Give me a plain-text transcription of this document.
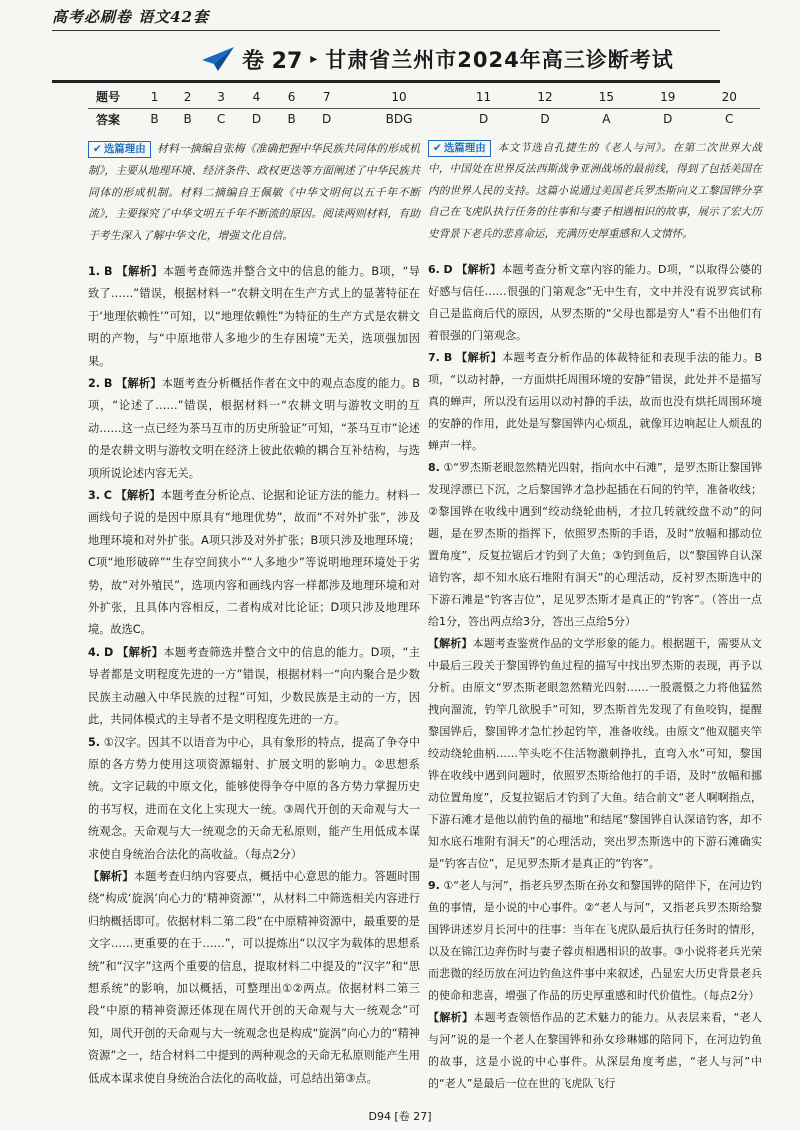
高考必刷卷 语文42套
卷 27 ▸ 甘肃省兰州市2024年高三诊断考试
题号	1	2	3	4	6	7	10	11	12	15	19	20
答案	B	B	C	D	B	D	BDG	D	D	A	D	C
✔ 选篇理由 材料一摘编自张梅《准确把握中华民族共同体的形成机制》，主要从地理环境、经济条件、政权更迭等方面阐述了中华民族共同体的形成机制。材料二摘编自王佩敏《中华文明何以五千年不断流》，主要探究了中华文明五千年不断流的原因。阅读两则材料，有助于考生深入了解中华文化，增强文化自信。
1. B 【解析】本题考查筛选并整合文中的信息的能力。B项，“导致了……”错误，根据材料一“农耕文明在生产方式上的显著特征在于‘地理依赖性’”可知，以“地理依赖性”为特征的生产方式是农耕文明的产物，与“中原地带人多地少的生存困境”无关，选项强加因果。
2. B 【解析】本题考查分析概括作者在文中的观点态度的能力。B项，“论述了……”错误，根据材料一“农耕文明与游牧文明的互动……这一点已经为茶马互市的历史所验证”可知，“茶马互市”论述的是农耕文明与游牧文明在经济上彼此依赖的耦合互补结构，与选项所说论述内容无关。
3. C 【解析】本题考查分析论点、论据和论证方法的能力。材料一画线句子说的是因中原具有“地理优势”，故而“不对外扩张”，涉及地理环境和对外扩张。A项只涉及对外扩张；B项只涉及地理环境；C项“地形破碎”“生存空间狭小”“人多地少”等说明地理环境处于劣势，故“对外殖民”，选项内容和画线内容一样都涉及地理环境和对外扩张，且具体内容相反，二者构成对比论证；D项只涉及地理环境。故选C。
4. D 【解析】本题考查筛选并整合文中的信息的能力。D项，“主导者都是文明程度先进的一方”错误，根据材料一“向内聚合是少数民族主动融入中华民族的过程”可知，少数民族是主动的一方，因此，共同体模式的主导者不是文明程度先进的一方。
5. ①汉字。因其不以语音为中心，具有象形的特点，提高了争夺中原的各方势力使用这项资源辐射、扩展文明的影响力。②思想系统。文字记载的中原文化，能够使得争夺中原的各方势力掌握历史的书写权，进而在文化上实现大一统。③周代开创的天命观与大一统观念。天命观与大一统观念的天命无私原则，能产生用低成本谋求使自身统治合法化的高收益。（每点2分）
【解析】本题考查归纳内容要点，概括中心意思的能力。答题时围绕“构成‘旋涡’向心力的‘精神资源’”，从材料二中筛选相关内容进行归纳概括即可。依据材料二第二段“在中原精神资源中，最重要的是文字……更重要的在于……”，可以提炼出“以汉字为载体的思想系统”和“汉字”这两个重要的信息，提取材料二中提及的“汉字”和“思想系统”的影响，加以概括，可整理出①②两点。依据材料二第三段“中原的精神资源还体现在周代开创的天命观与大一统观念”可知，周代开创的天命观与大一统观念也是构成“旋涡”向心力的“精神资源”之一，结合材料二中提到的两种观念的天命无私原则能产生用低成本谋求使自身统治合法化的高收益，可总结出第③点。
✔ 选篇理由 本文节选自孔捷生的《老人与河》。在第二次世界大战中，中国处在世界反法西斯战争亚洲战场的最前线，得到了包括美国在内的世界人民的支持。这篇小说通过美国老兵罗杰斯向义工黎国铧分享自己在飞虎队执行任务的往事和与妻子相遇相识的故事，展示了宏大历史背景下老兵的悲喜命运，充满历史厚重感和人文情怀。
6. D 【解析】本题考查分析文章内容的能力。D项，“以取得公婆的好感与信任……很强的门第观念”无中生有，文中并没有说罗宾试称自己是监商后代的原因，从罗杰斯的“父母也都是穷人”看不出他们有着很强的门第观念。
7. B 【解析】本题考查分析作品的体裁特征和表现手法的能力。B项，“以动衬静，一方面烘托周围环境的安静”错误，此处并不是描写真的蝉声，所以没有运用以动衬静的手法，故而也没有烘托周围环境的安静的作用，此处是写黎国铧内心烦乱，就像耳边响起让人烦乱的蝉声一样。
8. ①“罗杰斯老眼忽然精光四射，指向水中石滩”，是罗杰斯让黎国铧发现浮漂已下沉，之后黎国铧才急抄起插在石间的钓竿，准备收线；②黎国铧在收线中遇到“绞动绕轮曲柄，才拉几转就绞盘不动”的问题，是在罗杰斯的指挥下，依照罗杰斯的手语，及时“放幅和挪动位置角度”，反复拉锯后才钓到了大鱼；③钓到鱼后，以“黎国铧自认深谙钓客，却不知水底石堆附有洞天”的心理活动，反衬罗杰斯选中的下游石滩是“钓客吉位”，足见罗杰斯才是真正的“钓客”。（答出一点给1分，答出两点给3分，答出三点给5分）
【解析】本题考查鉴赏作品的文学形象的能力。根据题干，需要从文中最后三段关于黎国铧钓鱼过程的描写中找出罗杰斯的表现，再予以分析。由原文“罗杰斯老眼忽然精光四射……一股震慑之力将他猛然拽向溜流，钓竿几欲脱手”可知，罗杰斯首先发现了有鱼咬钩，提醒黎国铧后，黎国铧才急忙抄起钓竿，准备收线。由原文“他双腿夹竿绞动绕轮曲柄……竿头吃不住活物激刺挣扎，直弯入水”可知，黎国铧在收线中遇到问题时，依照罗杰斯给他打的手语，及时“放幅和挪动位置角度”，反复拉锯后才钓到了大鱼。结合前文“老人啊啊指点，下游石滩才是他以前钓鱼的福地”和结尾“黎国铧自认深谙钓客，却不知水底石堆附有洞天”的心理活动，突出罗杰斯选中的下游石滩确实是“钓客吉位”，足见罗杰斯才是真正的“钓客”。
9. ①“老人与河”，指老兵罗杰斯在孙女和黎国铧的陪伴下，在河边钓鱼的事情，是小说的中心事件。②“老人与河”，又指老兵罗杰斯给黎国铧讲述岁月长河中的往事：当年在飞虎队最后执行任务时的情形，以及在锦江边奔伤时与妻子蓉贞相遇相识的故事。③小说将老兵光荣而悲微的经历放在河边钓鱼这件事中来叙述，凸显宏大历史背景老兵的使命和悲喜，增强了作品的历史厚重感和时代价值性。（每点2分）
【解析】本题考查领悟作品的艺术魅力的能力。从表层来看，“老人与河”说的是一个老人在黎国铧和孙女珍琳娜的陪同下，在河边钓鱼的故事，这是小说的中心事件。从深层角度考虑，“老人与河”中的“老人”是最后一位在世的飞虎队飞行
D94 [卷 27]
